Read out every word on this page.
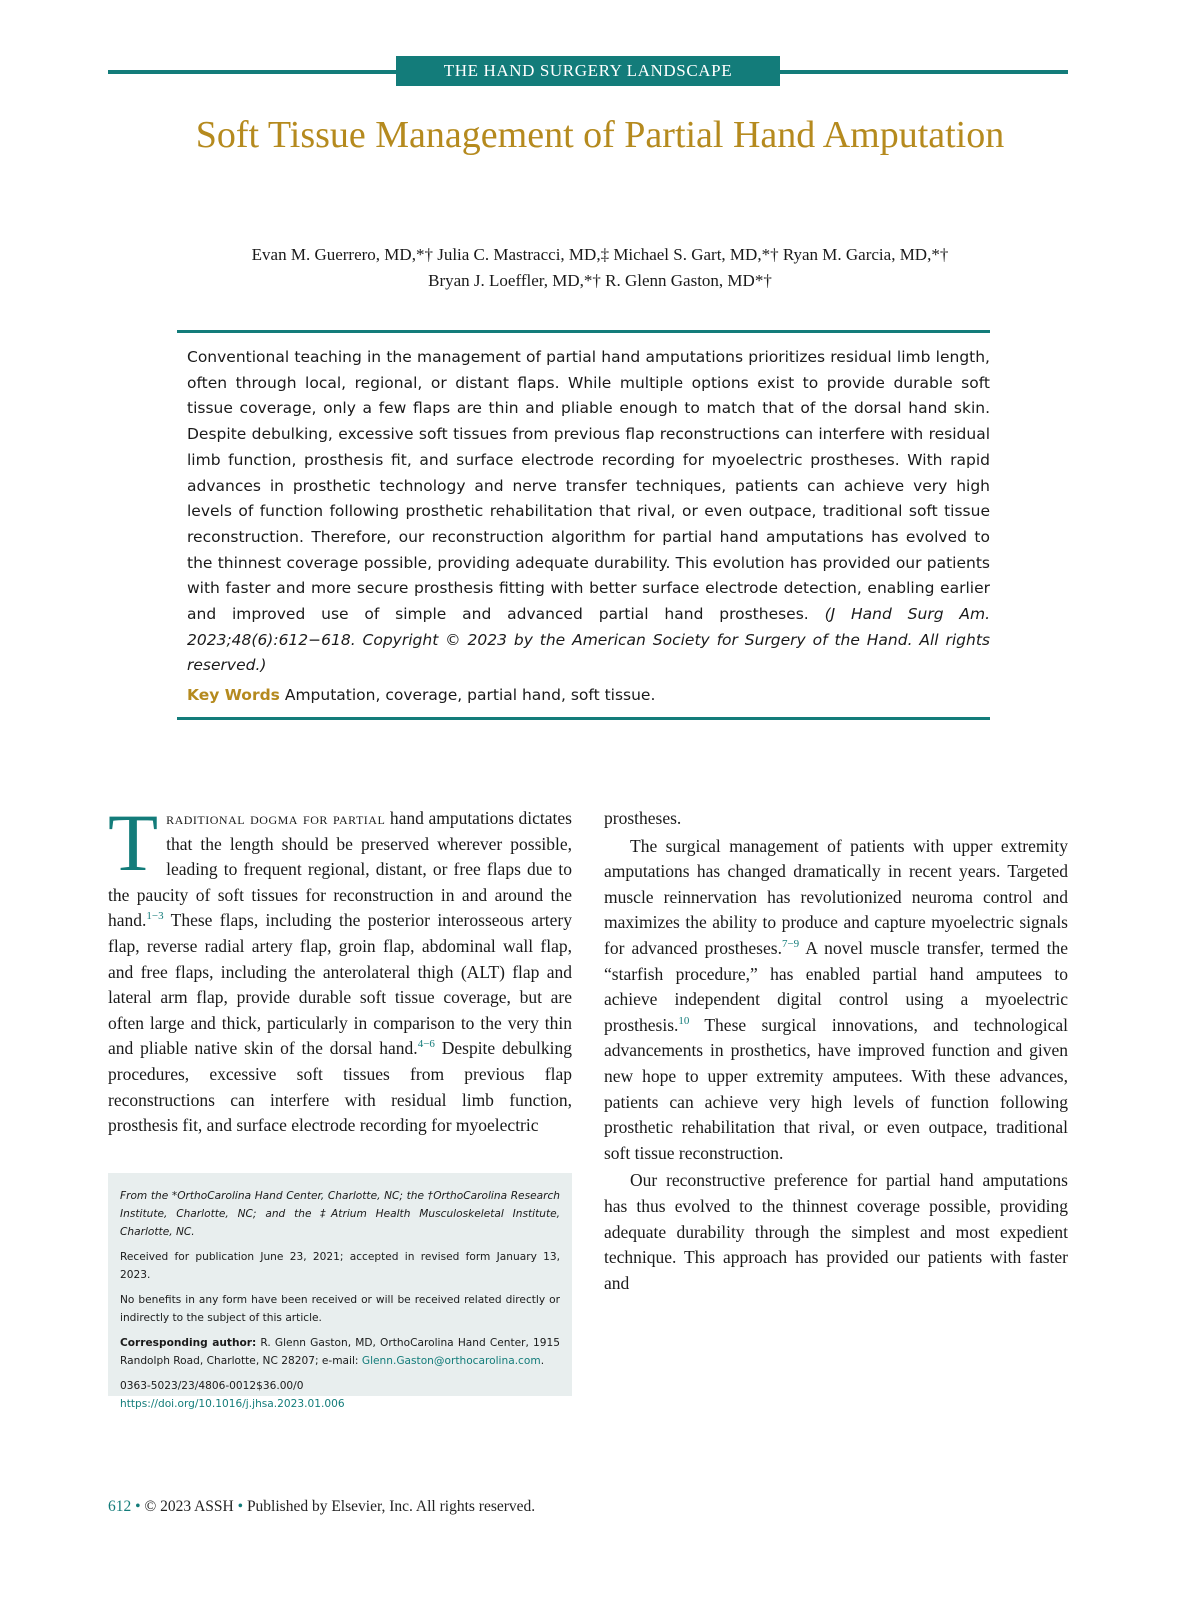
THE HAND SURGERY LANDSCAPE
Soft Tissue Management of Partial Hand Amputation

Evan M. Guerrero, MD,*† Julia C. Mastracci, MD,‡ Michael S. Gart, MD,*† Ryan M. Garcia, MD,*†
Bryan J. Loeffler, MD,*† R. Glenn Gaston, MD*†

Conventional teaching in the management of partial hand amputations prioritizes residual limb length, often through local, regional, or distant flaps. While multiple options exist to provide durable soft tissue coverage, only a few flaps are thin and pliable enough to match that of the dorsal hand skin. Despite debulking, excessive soft tissues from previous flap reconstructions can interfere with residual limb function, prosthesis fit, and surface electrode recording for myoelectric prostheses. With rapid advances in prosthetic technology and nerve transfer techniques, patients can achieve very high levels of function following prosthetic rehabilitation that rival, or even outpace, traditional soft tissue reconstruction. Therefore, our reconstruction algorithm for partial hand amputations has evolved to the thinnest coverage possible, providing adequate durability. This evolution has provided our patients with faster and more secure prosthesis fitting with better surface electrode detection, enabling earlier and improved use of simple and advanced partial hand prostheses. (J Hand Surg Am. 2023;48(6):612−618. Copyright © 2023 by the American Society for Surgery of the Hand. All rights reserved.)

Key Words Amputation, coverage, partial hand, soft tissue.

Traditional dogma for partial hand amputations dictates that the length should be preserved wherever possible, leading to frequent regional, distant, or free flaps due to the paucity of soft tissues for reconstruction in and around the hand.$^{1-3}$ These flaps, including the posterior interosseous artery flap, reverse radial artery flap, groin flap, abdominal wall flap, and free flaps, including the anterolateral thigh (ALT) flap and lateral arm flap, provide durable soft tissue coverage, but are often large and thick, particularly in comparison to the very thin and pliable native skin of the dorsal hand.$^{4-6}$ Despite debulking procedures, excessive soft tissues from previous flap reconstructions can interfere with residual limb function, prosthesis fit, and surface electrode recording for myoelectric

prostheses.

The surgical management of patients with upper extremity amputations has changed dramatically in recent years. Targeted muscle reinnervation has revolutionized neuroma control and maximizes the ability to produce and capture myoelectric signals for advanced prostheses.$^{7-9}$ A novel muscle transfer, termed the “starfish procedure,” has enabled partial hand amputees to achieve independent digital control using a myoelectric prosthesis.$^{10}$ These surgical innovations, and technological advancements in prosthetics, have improved function and given new hope to upper extremity amputees. With these advances, patients can achieve very high levels of function following prosthetic rehabilitation that rival, or even outpace, traditional soft tissue reconstruction.

Our reconstructive preference for partial hand amputations has thus evolved to the thinnest coverage possible, providing adequate durability through the simplest and most expedient technique. This approach has provided our patients with faster and

From the *OrthoCarolina Hand Center, Charlotte, NC; the †OrthoCarolina Research Institute, Charlotte, NC; and the ‡Atrium Health Musculoskeletal Institute, Charlotte, NC.

Received for publication June 23, 2021; accepted in revised form January 13, 2023.

No benefits in any form have been received or will be received related directly or indirectly to the subject of this article.

Corresponding author: R. Glenn Gaston, MD, OrthoCarolina Hand Center, 1915 Randolph Road, Charlotte, NC 28207; e-mail: Glenn.Gaston@orthocarolina.com.

0363-5023/23/4806-0012$36.00/0

https://doi.org/10.1016/j.jhsa.2023.01.006

612 • © 2023 ASSH • Published by Elsevier, Inc. All rights reserved.
